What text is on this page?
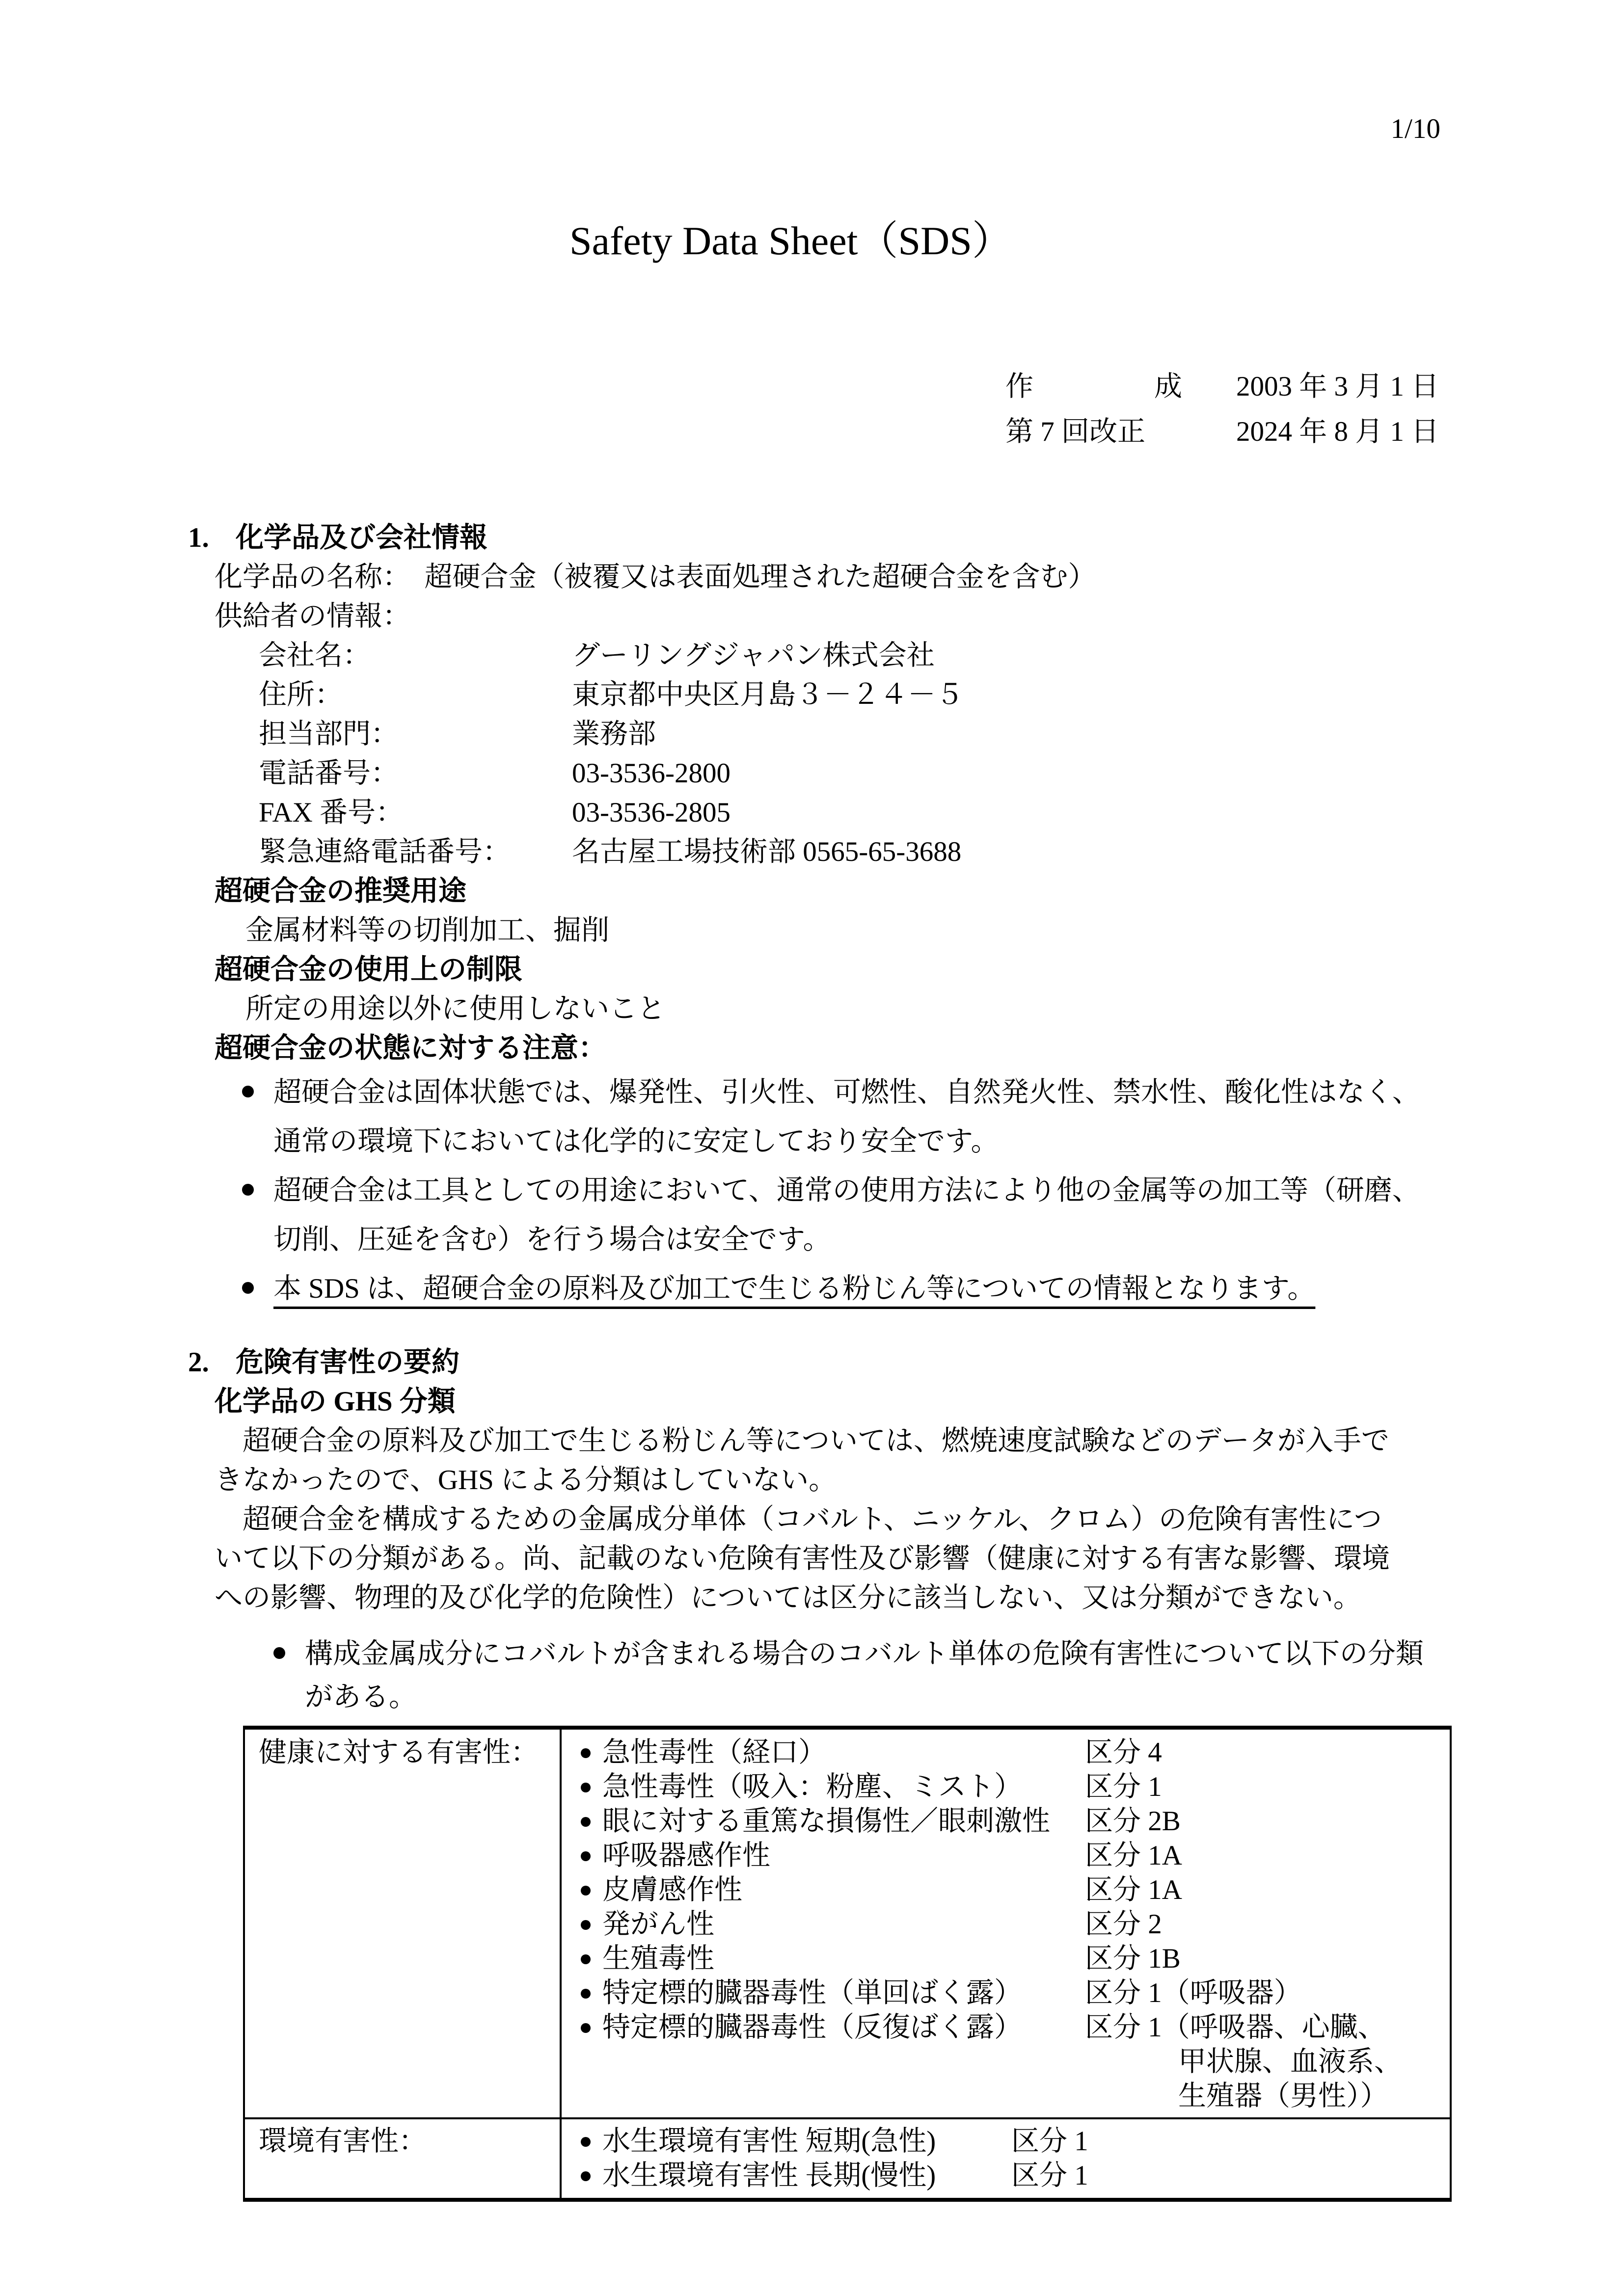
1/10
Safety Data Sheet（SDS）
作	成 2003 年 3 月 1 日
第 7 回改正	2024 年 8 月 1 日
1. 化学品及び会社情報
化学品の名称：　超硬合金（被覆又は表面処理された超硬合金を含む）
供給者の情報：
会社名：	グーリングジャパン株式会社
住所：	東京都中央区月島３－２４－５
担当部門：	業務部
電話番号：	03-3536-2800
FAX 番号：	03-3536-2805
緊急連絡電話番号：	名古屋工場技術部 0565-65-3688
超硬合金の推奨用途
金属材料等の切削加工、掘削
超硬合金の使用上の制限
所定の用途以外に使用しないこと
超硬合金の状態に対する注意：
超硬合金は固体状態では、爆発性、引火性、可燃性、自然発火性、禁水性、酸化性はなく、
通常の環境下においては化学的に安定しており安全です。
超硬合金は工具としての用途において、通常の使用方法により他の金属等の加工等（研磨、
切削、圧延を含む）を行う場合は安全です。
本 SDS は、超硬合金の原料及び加工で生じる粉じん等についての情報となります。
2. 危険有害性の要約
化学品の GHS 分類
　超硬合金の原料及び加工で生じる粉じん等については、燃焼速度試験などのデータが入手で
きなかったので、GHS による分類はしていない。
　超硬合金を構成するための金属成分単体（コバルト、ニッケル、クロム）の危険有害性につ
いて以下の分類がある。尚、記載のない危険有害性及び影響（健康に対する有害な影響、環境
への影響、物理的及び化学的危険性）については区分に該当しない、又は分類ができない。
構成金属成分にコバルトが含まれる場合のコバルト単体の危険有害性について以下の分類
がある。
健康に対する有害性：	急性毒性（経口）	区分 4
急性毒性（吸入：粉塵、ミスト）	区分 1
眼に対する重篤な損傷性／眼刺激性	区分 2B
呼吸器感作性	区分 1A
皮膚感作性	区分 1A
発がん性	区分 2
生殖毒性	区分 1B
特定標的臓器毒性（単回ばく露）	区分 1（呼吸器）
特定標的臓器毒性（反復ばく露）	区分 1（呼吸器、心臓、
甲状腺、血液系、
生殖器（男性））
環境有害性：	水生環境有害性 短期(急性)	区分 1
水生環境有害性 長期(慢性)	区分 1
